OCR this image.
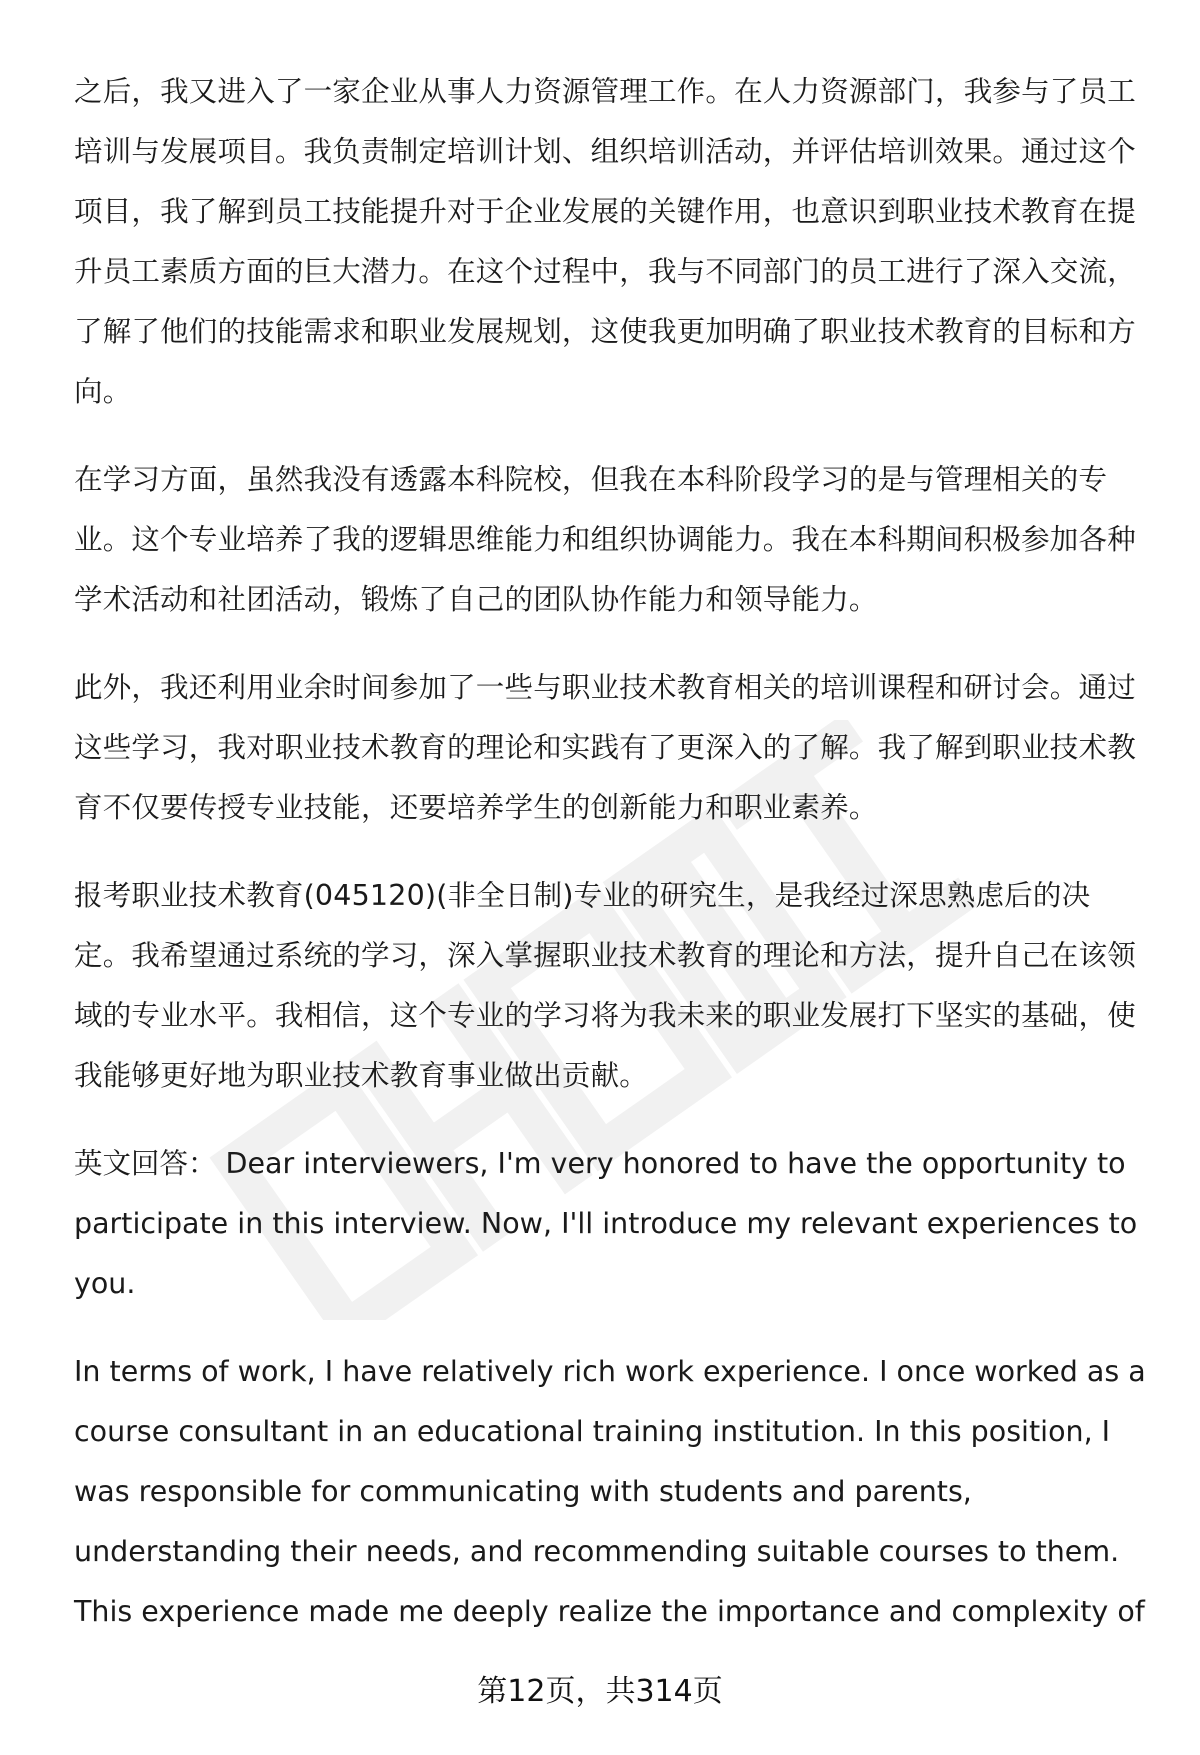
之后，我又进入了一家企业从事人力资源管理工作。在人力资源部门，我参与了员工培训与发展项目。我负责制定培训计划、组织培训活动，并评估培训效果。通过这个项目，我了解到员工技能提升对于企业发展的关键作用，也意识到职业技术教育在提升员工素质方面的巨大潜力。在这个过程中，我与不同部门的员工进行了深入交流，了解了他们的技能需求和职业发展规划，这使我更加明确了职业技术教育的目标和方向。

在学习方面，虽然我没有透露本科院校，但我在本科阶段学习的是与管理相关的专业。这个专业培养了我的逻辑思维能力和组织协调能力。我在本科期间积极参加各种学术活动和社团活动，锻炼了自己的团队协作能力和领导能力。

此外，我还利用业余时间参加了一些与职业技术教育相关的培训课程和研讨会。通过这些学习，我对职业技术教育的理论和实践有了更深入的了解。我了解到职业技术教育不仅要传授专业技能，还要培养学生的创新能力和职业素养。

报考职业技术教育(045120)(非全日制)专业的研究生，是我经过深思熟虑后的决定。我希望通过系统的学习，深入掌握职业技术教育的理论和方法，提升自己在该领域的专业水平。我相信，这个专业的学习将为我未来的职业发展打下坚实的基础，使我能够更好地为职业技术教育事业做出贡献。

英文回答： Dear interviewers, I'm very honored to have the opportunity to participate in this interview. Now, I'll introduce my relevant experiences to you.

In terms of work, I have relatively rich work experience. I once worked as a course consultant in an educational training institution. In this position, I was responsible for communicating with students and parents, understanding their needs, and recommending suitable courses to them. This experience made me deeply realize the importance and complexity of

第12页，共314页
